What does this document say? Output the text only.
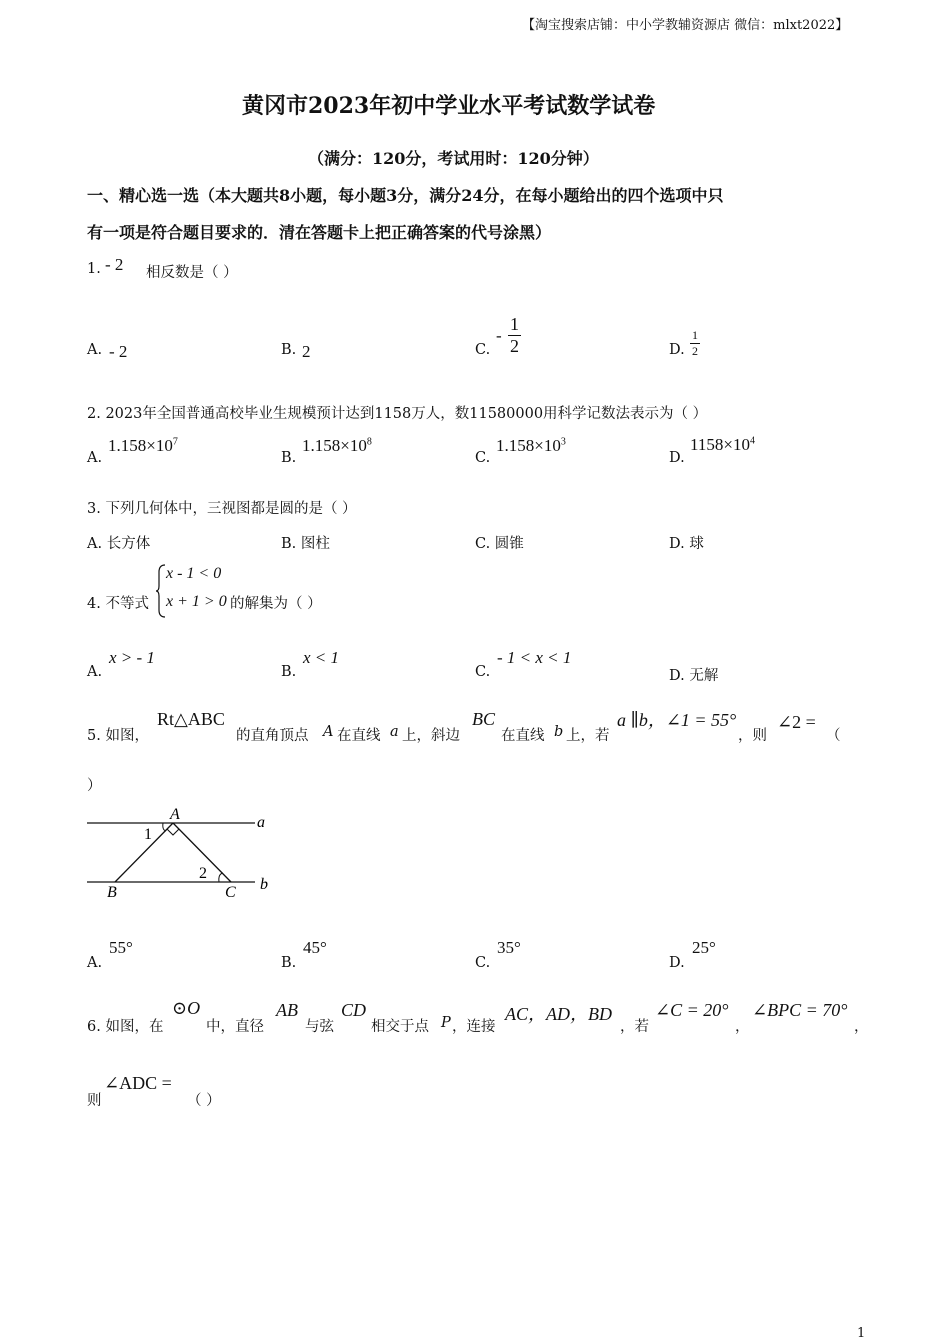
【淘宝搜索店铺：中小学教辅资源店 微信：mlxt2022】
黄冈市2023年初中学业水平考试数学试卷
（满分：120分，考试用时：120分钟）
一、精心选一选（本大题共8小题，每小题3分，满分24分，在每小题给出的四个选项中只
有一项是符合题目要求的．清在答题卡上把正确答案的代号涂黑）
1. - 2 相反数是（ ）
A. - 2	B. 2	C.
- $\frac{1}{2}$	D. $\frac{1}{2}$
2. 2023年全国普通高校毕业生规模预计达到1158万人，数11580000用科学记数法表示为（ ）
A.
$1.158\times 10^7$
B.
$1.158\times 10^8$
C.
$1.158\times 10^3$
D.
$1158\times 10^4$
3. 下列几何体中，三视图都是圆的是（ ）
A. 长方体	B. 图柱	C. 圆锥	D. 球
4. 不等式
x - 1 < 0
x + 1 > 0 的解集为（ ）
A.
x > - 1
B.
x < 1
C.
- 1 < x < 1
D. 无解
5. 如图，
Rt△ABC
的直角顶点 A 在直线 a 上，斜边
BC
在直线 b 上，若
a ∥b，∠1 = 55°
，则
∠2 =
（
）
A	a
1
2
B	C b
A.
55°
B.
45°
C.
35°
D.
25°
6. 如图，在
⊙O
中，直径
AB
与弦
CD
相交于点 P ，连接
AC，AD，BD
，若
∠C = 20°
，
∠BPC = 70°
，
则
∠ADC =
（ ）
1
